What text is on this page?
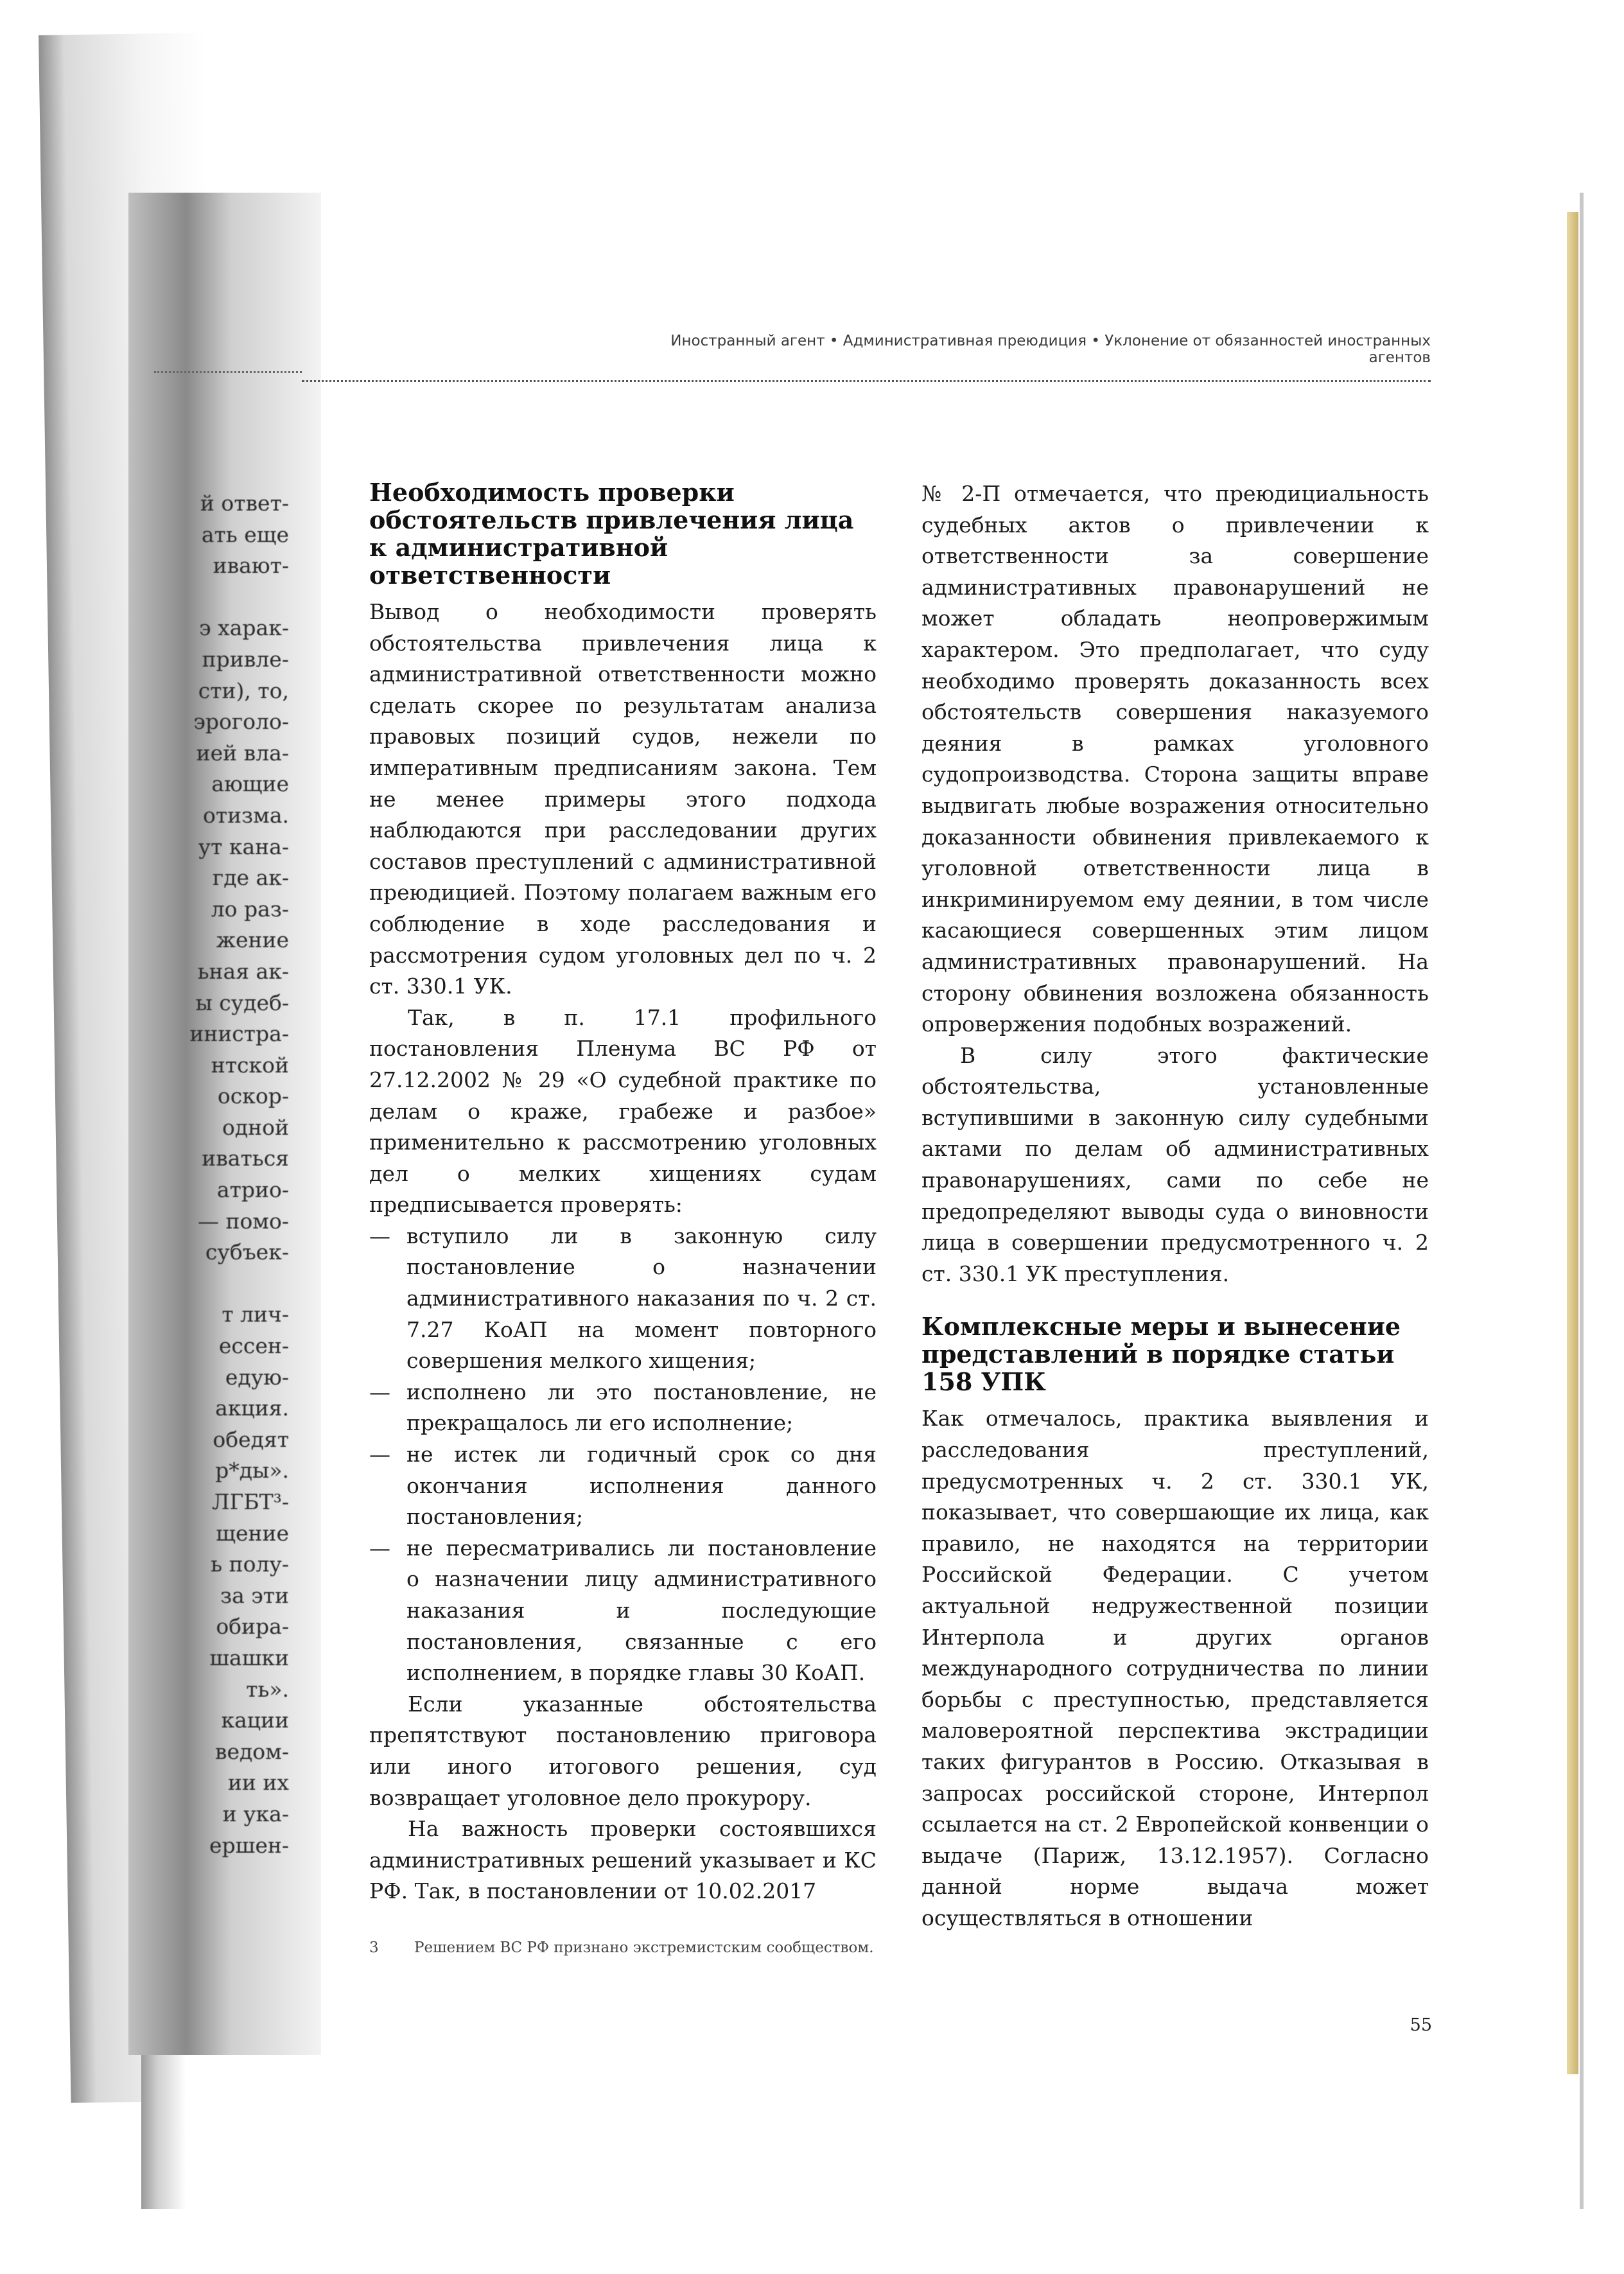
й ответ-
ать еще
ивают-

э харак-
привле-
сти), то,
эроголо-
ией вла-
ающие
отизма.
ут кана-
где ак-
ло раз-
жение
ьная ак-
ы судеб-
инистра-
нтской
оскор-
одной
иваться
атрио-
— помо-
субъек-

т лич-
ессен-
едую-
акция.
обедят
р*ды».
ЛГБТ³-
щение
ь полу-
за эти
обира-
шашки
ть».
кации
ведом-
ии их
и ука-
ершен-
Иностранный агент • Административная преюдиция • Уклонение от обязанностей иностранных агентов
Необходимость проверки обстоятельств привлечения лица к административной ответственности

Вывод о необходимости проверять обстоятельства привлечения лица к административной ответственности можно сделать скорее по результатам анализа правовых позиций судов, нежели по императивным предписаниям закона. Тем не менее примеры этого подхода наблюдаются при расследовании других составов преступлений с административной преюдицией. Поэтому полагаем важным его соблюдение в ходе расследования и рассмотрения судом уголовных дел по ч. 2 ст. 330.1 УК.

Так, в п. 17.1 профильного постановления Пленума ВС РФ от 27.12.2002 № 29 «О судебной практике по делам о краже, грабеже и разбое» применительно к рассмотрению уголовных дел о мелких хищениях судам предписывается проверять:

— вступило ли в законную силу постановление о назначении административного наказания по ч. 2 ст. 7.27 КоАП на момент повторного совершения мелкого хищения;
— исполнено ли это постановление, не прекращалось ли его исполнение;
— не истек ли годичный срок со дня окончания исполнения данного постановления;
— не пересматривались ли постановление о назначении лицу административного наказания и последующие постановления, связанные с его исполнением, в порядке главы 30 КоАП.

Если указанные обстоятельства препятствуют постановлению приговора или иного итогового решения, суд возвращает уголовное дело прокурору.

На важность проверки состоявшихся административных решений указывает и КС РФ. Так, в постановлении от 10.02.2017

№ 2-П отмечается, что преюдициальность судебных актов о привлечении к ответственности за совершение административных правонарушений не может обладать неопровержимым характером. Это предполагает, что суду необходимо проверять доказанность всех обстоятельств совершения наказуемого деяния в рамках уголовного судопроизводства. Сторона защиты вправе выдвигать любые возражения относительно доказанности обвинения привлекаемого к уголовной ответственности лица в инкриминируемом ему деянии, в том числе касающиеся совершенных этим лицом административных правонарушений. На сторону обвинения возложена обязанность опровержения подобных возражений.

В силу этого фактические обстоятельства, установленные вступившими в законную силу судебными актами по делам об административных правонарушениях, сами по себе не предопределяют выводы суда о виновности лица в совершении предусмотренного ч. 2 ст. 330.1 УК преступления.

Комплексные меры и вынесение представлений в порядке статьи 158 УПК

Как отмечалось, практика выявления и расследования преступлений, предусмотренных ч. 2 ст. 330.1 УК, показывает, что совершающие их лица, как правило, не находятся на территории Российской Федерации. С учетом актуальной недружественной позиции Интерпола и других органов международного сотрудничества по линии борьбы с преступностью, представляется маловероятной перспектива экстрадиции таких фигурантов в Россию. Отказывая в запросах российской стороне, Интерпол ссылается на ст. 2 Европейской конвенции о выдаче (Париж, 13.12.1957). Согласно данной норме выдача может осуществляться в отношении

3 Решением ВС РФ признано экстремистским сообществом.
55
